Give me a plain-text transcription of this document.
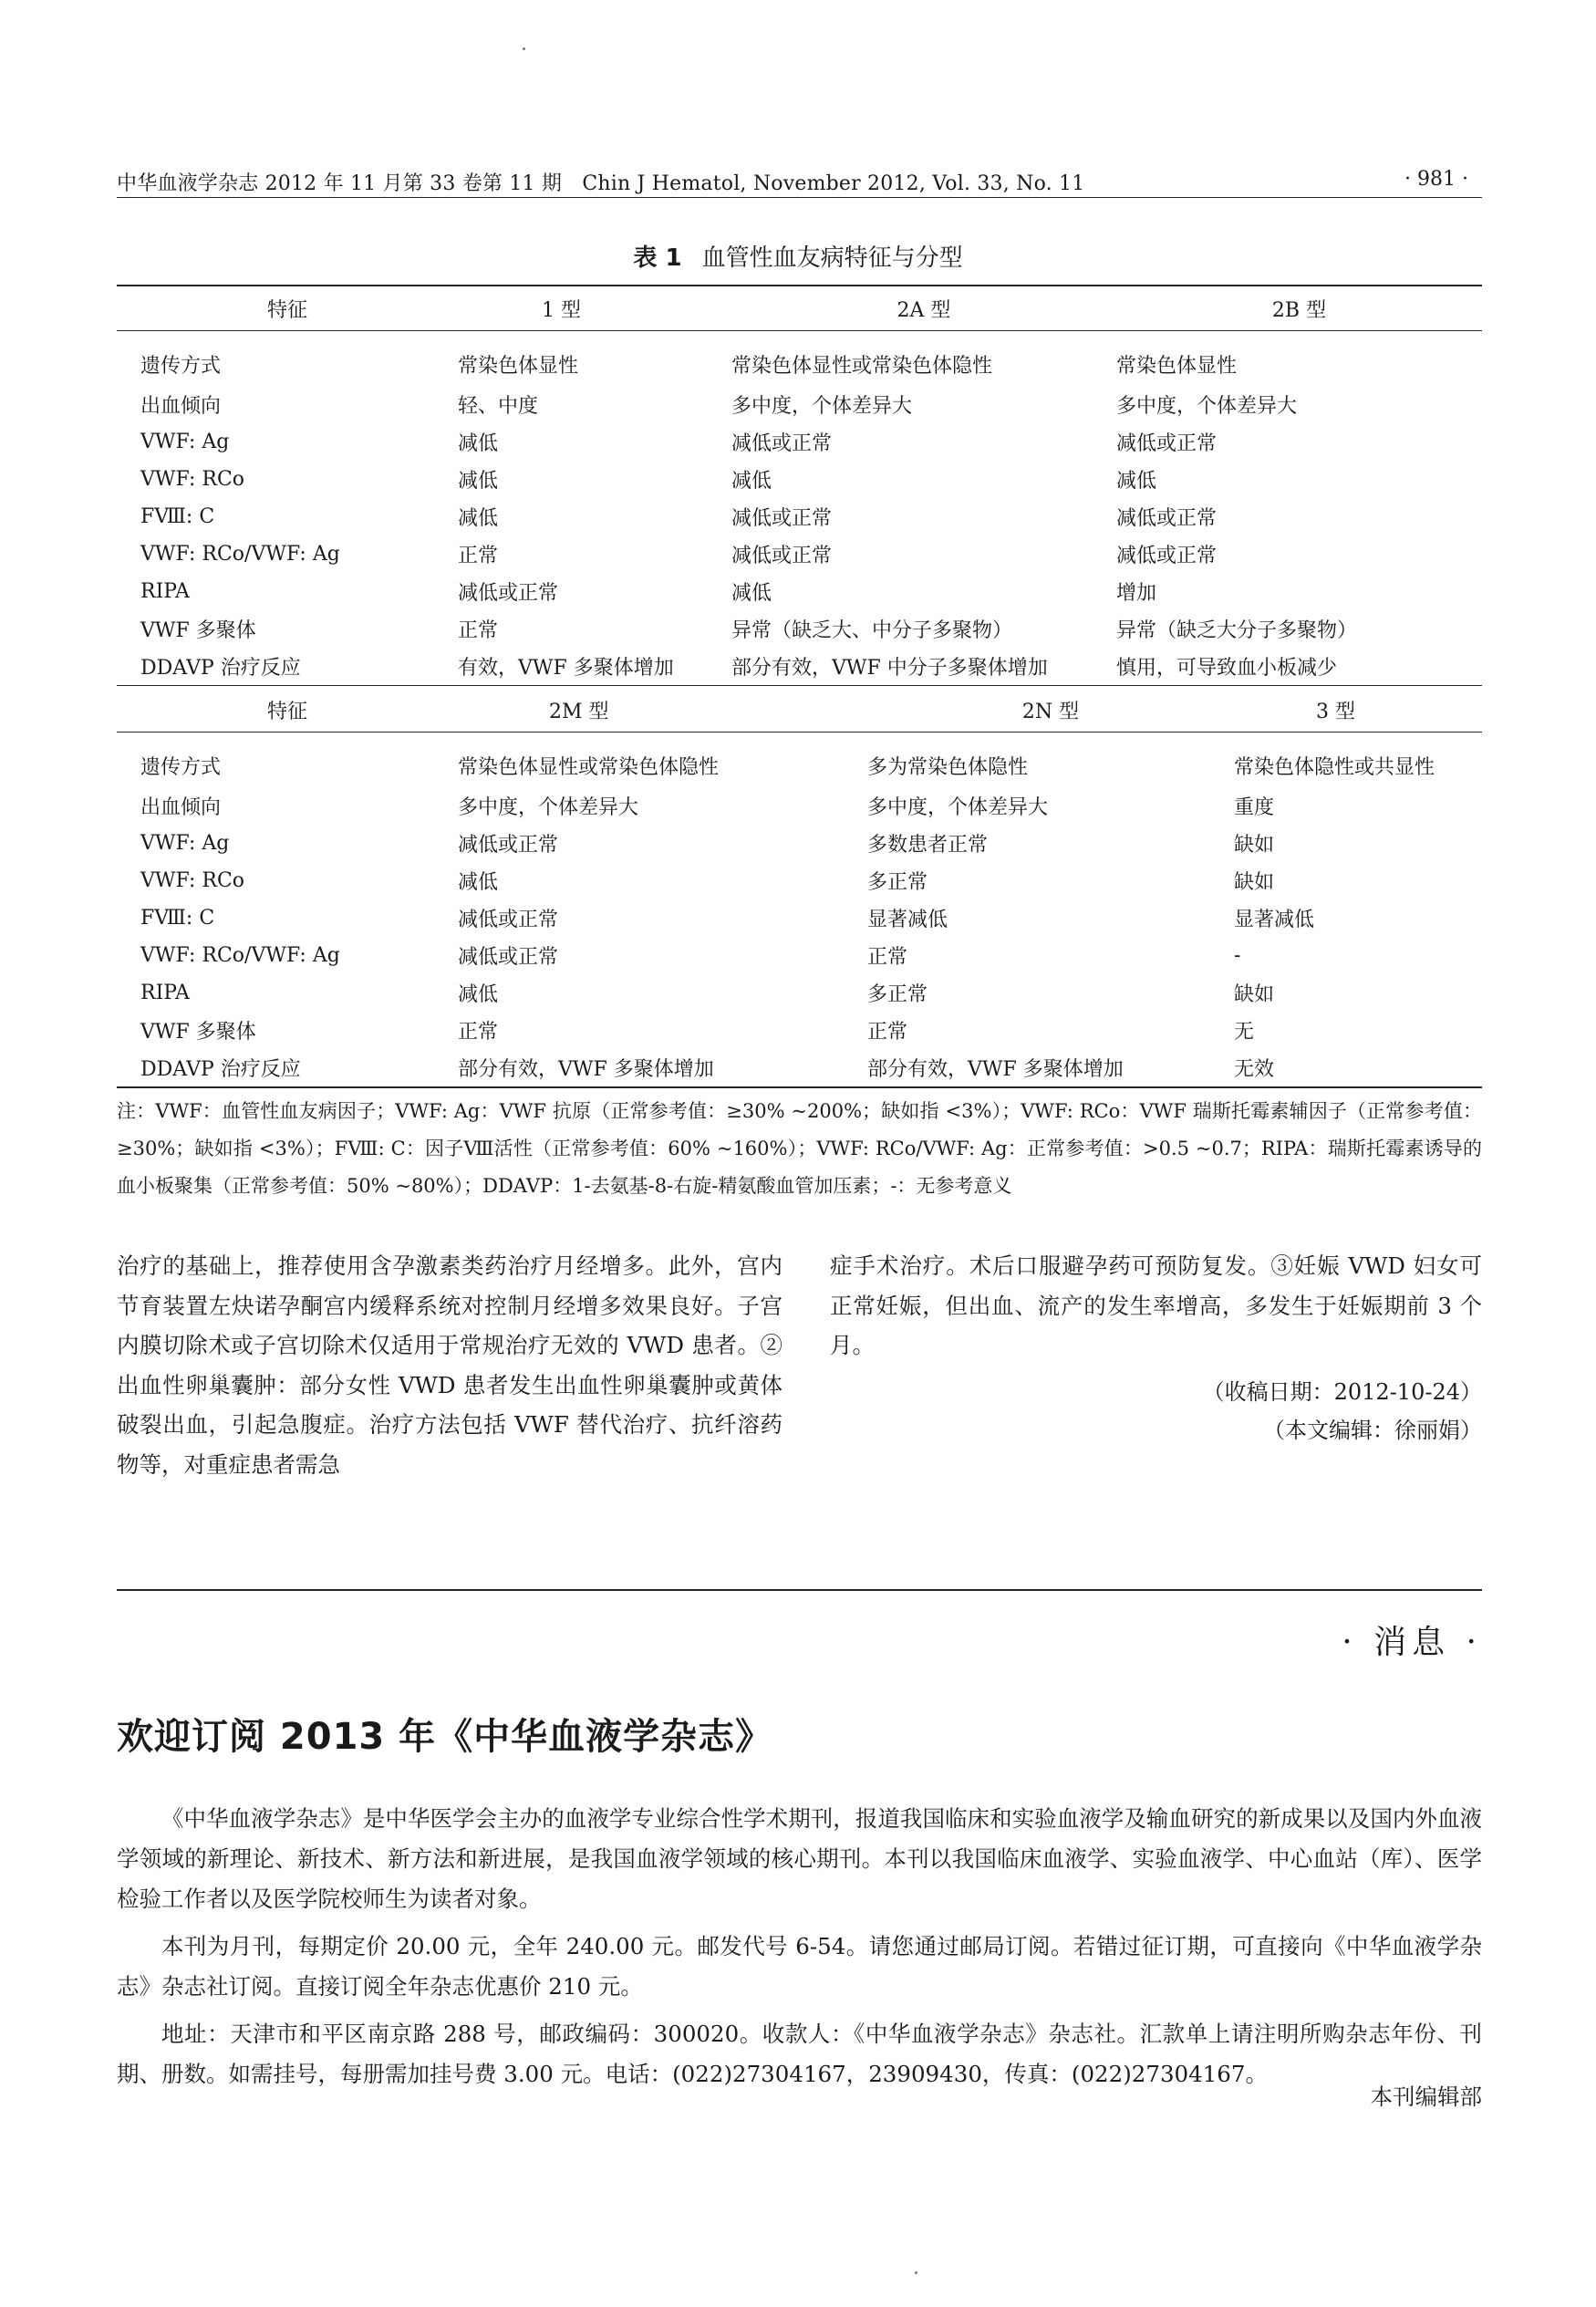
中华血液学杂志 2012 年 11 月第 33 卷第 11 期　Chin J Hematol, November 2012, Vol. 33, No. 11	· 981 ·
表 1 血管性血友病特征与分型
特征	1 型	2A 型	2B 型
遗传方式	常染色体显性	常染色体显性或常染色体隐性	常染色体显性
出血倾向	轻、中度	多中度，个体差异大	多中度，个体差异大
VWF: Ag	减低	减低或正常	减低或正常
VWF: RCo	减低	减低	减低
FⅧ: C	减低	减低或正常	减低或正常
VWF: RCo/VWF: Ag	正常	减低或正常	减低或正常
RIPA	减低或正常	减低	增加
VWF 多聚体	正常	异常（缺乏大、中分子多聚物）	异常（缺乏大分子多聚物）
DDAVP 治疗反应	有效，VWF 多聚体增加	部分有效，VWF 中分子多聚体增加	慎用，可导致血小板减少
特征	2M 型	2N 型	3 型
遗传方式	常染色体显性或常染色体隐性	多为常染色体隐性	常染色体隐性或共显性
出血倾向	多中度，个体差异大	多中度，个体差异大	重度
VWF: Ag	减低或正常	多数患者正常	缺如
VWF: RCo	减低	多正常	缺如
FⅧ: C	减低或正常	显著减低	显著减低
VWF: RCo/VWF: Ag	减低或正常	正常	-
RIPA	减低	多正常	缺如
VWF 多聚体	正常	正常	无
DDAVP 治疗反应	部分有效，VWF 多聚体增加	部分有效，VWF 多聚体增加	无效
注：VWF：血管性血友病因子；VWF: Ag：VWF 抗原（正常参考值：≥30% ~200%；缺如指 <3%）；VWF: RCo：VWF 瑞斯托霉素辅因子（正常参考值：≥30%；缺如指 <3%）；FⅧ: C：因子Ⅷ活性（正常参考值：60% ~160%）；VWF: RCo/VWF: Ag：正常参考值：>0.5 ~0.7；RIPA：瑞斯托霉素诱导的血小板聚集（正常参考值：50% ~80%）；DDAVP：1-去氨基-8-右旋-精氨酸血管加压素；-：无参考意义
治疗的基础上，推荐使用含孕激素类药治疗月经增多。此外，宫内节育装置左炔诺孕酮宫内缓释系统对控制月经增多效果良好。子宫内膜切除术或子宫切除术仅适用于常规治疗无效的 VWD 患者。②出血性卵巢囊肿：部分女性 VWD 患者发生出血性卵巢囊肿或黄体破裂出血，引起急腹症。治疗方法包括 VWF 替代治疗、抗纤溶药物等，对重症患者需急
症手术治疗。术后口服避孕药可预防复发。③妊娠 VWD 妇女可正常妊娠，但出血、流产的发生率增高，多发生于妊娠期前 3 个月。
（收稿日期：2012-10-24）
（本文编辑：徐丽娟）
· 消息 ·
欢迎订阅 2013 年《中华血液学杂志》

《中华血液学杂志》是中华医学会主办的血液学专业综合性学术期刊，报道我国临床和实验血液学及输血研究的新成果以及国内外血液学领域的新理论、新技术、新方法和新进展，是我国血液学领域的核心期刊。本刊以我国临床血液学、实验血液学、中心血站（库）、医学检验工作者以及医学院校师生为读者对象。

本刊为月刊，每期定价 20.00 元，全年 240.00 元。邮发代号 6-54。请您通过邮局订阅。若错过征订期，可直接向《中华血液学杂志》杂志社订阅。直接订阅全年杂志优惠价 210 元。

地址：天津市和平区南京路 288 号，邮政编码：300020。收款人：《中华血液学杂志》杂志社。汇款单上请注明所购杂志年份、刊期、册数。如需挂号，每册需加挂号费 3.00 元。电话：(022)27304167，23909430，传真：(022)27304167。

本刊编辑部
